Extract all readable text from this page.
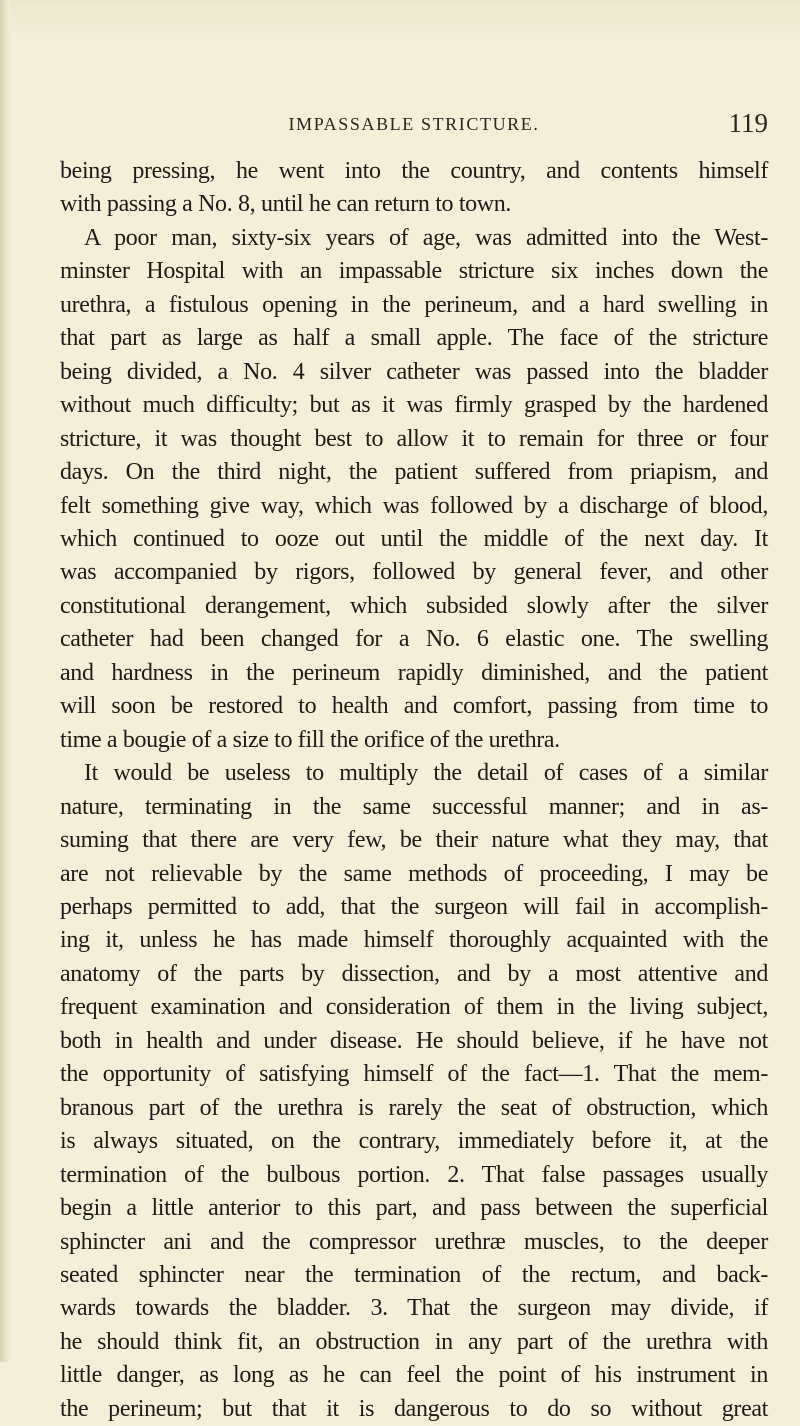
IMPASSABLE STRICTURE.	119
being pressing, he went into the country, and contents himself
with passing a No. 8, until he can return to town.
A poor man, sixty-six years of age, was admitted into the West-
minster Hospital with an impassable stricture six inches down the
urethra, a fistulous opening in the perineum, and a hard swelling in
that part as large as half a small apple. The face of the stricture
being divided, a No. 4 silver catheter was passed into the bladder
without much difficulty; but as it was firmly grasped by the hardened
stricture, it was thought best to allow it to remain for three or four
days. On the third night, the patient suffered from priapism, and
felt something give way, which was followed by a discharge of blood,
which continued to ooze out until the middle of the next day. It
was accompanied by rigors, followed by general fever, and other
constitutional derangement, which subsided slowly after the silver
catheter had been changed for a No. 6 elastic one. The swelling
and hardness in the perineum rapidly diminished, and the patient
will soon be restored to health and comfort, passing from time to
time a bougie of a size to fill the orifice of the urethra.
It would be useless to multiply the detail of cases of a similar
nature, terminating in the same successful manner; and in as-
suming that there are very few, be their nature what they may, that
are not relievable by the same methods of proceeding, I may be
perhaps permitted to add, that the surgeon will fail in accomplish-
ing it, unless he has made himself thoroughly acquainted with the
anatomy of the parts by dissection, and by a most attentive and
frequent examination and consideration of them in the living subject,
both in health and under disease. He should believe, if he have not
the opportunity of satisfying himself of the fact—1. That the mem-
branous part of the urethra is rarely the seat of obstruction, which
is always situated, on the contrary, immediately before it, at the
termination of the bulbous portion. 2. That false passages usually
begin a little anterior to this part, and pass between the superficial
sphincter ani and the compressor urethræ muscles, to the deeper
seated sphincter near the termination of the rectum, and back-
wards towards the bladder. 3. That the surgeon may divide, if
he should think fit, an obstruction in any part of the urethra with
little danger, as long as he can feel the point of his instrument in
the perineum; but that it is dangerous to do so without great
